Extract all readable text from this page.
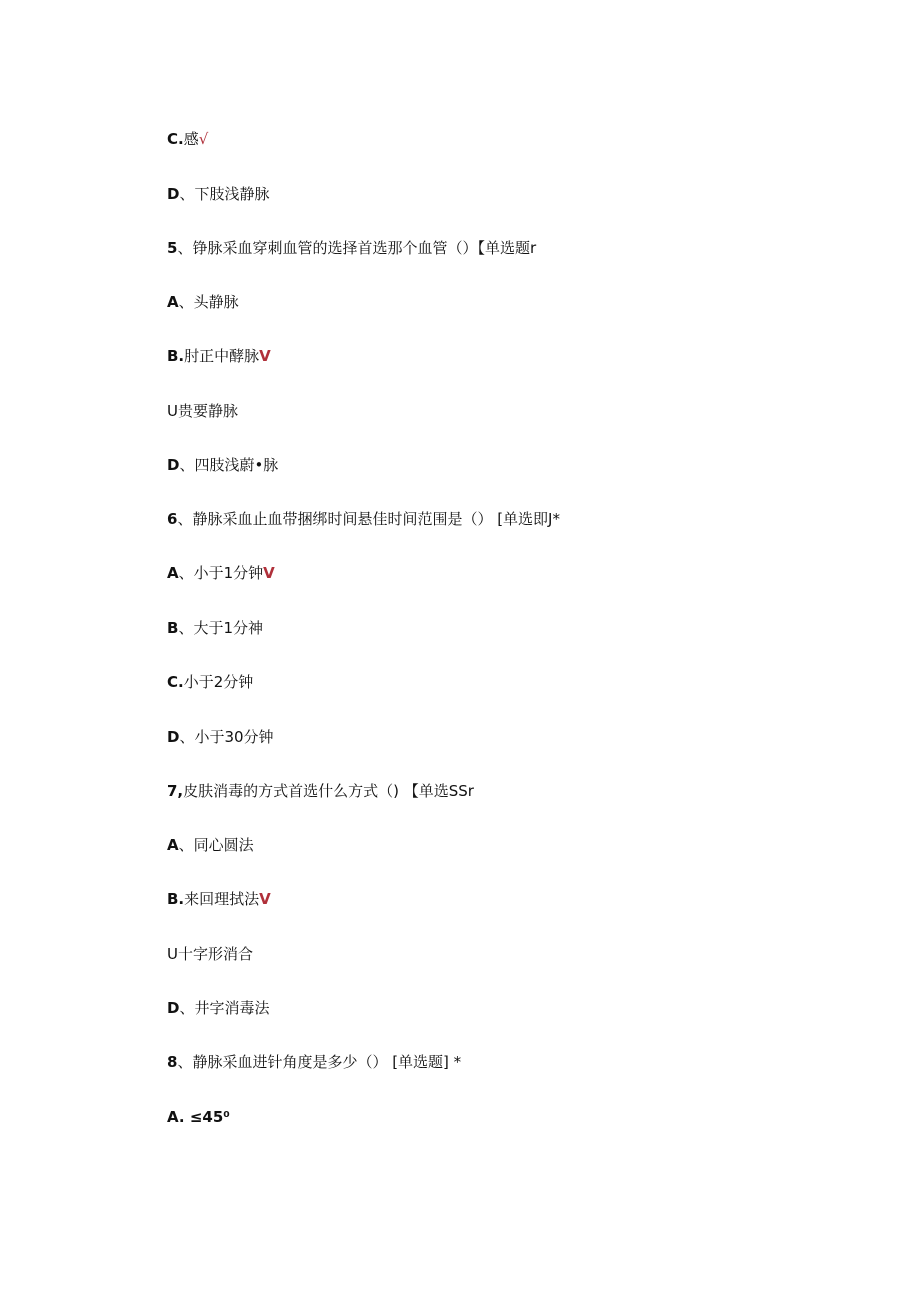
C.感√
D、下肢浅静脉
5、铮脉采血穿刺血管的选择首选那个血管（）【单选题r
A、头静脉
B.肘正中酵脉V
U贵要静脉
D、四肢浅蔚•脉
6、静脉采血止血带捆绑时间悬佳时间范围是（） [单选即J*
A、小于1分钟V
B、大于1分神
C.小于2分钟
D、小于30分钟
7,皮肤消毒的方式首选什么方式（) 【单选SSr
A、同心圆法
B.来回理拭法V
U十字形消合
D、井字消毒法
8、静脉采血进针角度是多少（） [单选题] *
A. ≤45⁰
